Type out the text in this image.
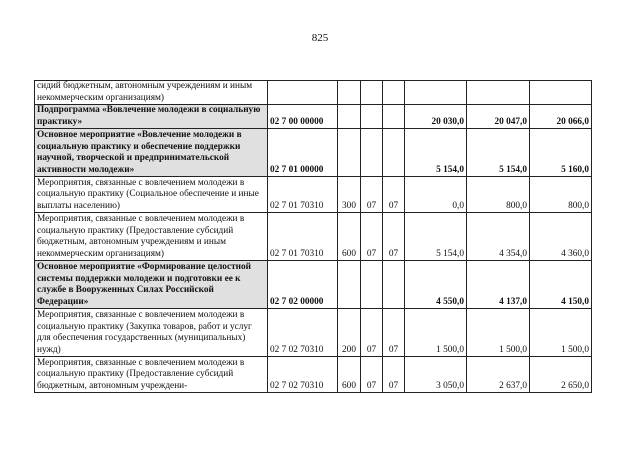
825
сидий бюджетным, автономным учреждениям и иным некоммерческим организациям)							
Подпрограмма «Вовлечение молодежи в социальную практику»	02 7 00 00000				20 030,0	20 047,0	20 066,0
Основное мероприятие «Вовлечение молодежи в социальную практику и обеспечение поддержки научной, творческой и предпринимательской активности молодежи»	02 7 01 00000				5 154,0	5 154,0	5 160,0
Мероприятия, связанные с вовлечением молодежи в социальную практику (Социальное обеспечение и иные выплаты населению)	02 7 01 70310	300	07	07	0,0	800,0	800,0
Мероприятия, связанные с вовлечением молодежи в социальную практику (Предоставление субсидий бюджетным, автономным учреждениям и иным некоммерческим организациям)	02 7 01 70310	600	07	07	5 154,0	4 354,0	4 360,0
Основное мероприятие «Формирование целостной системы поддержки молодежи и подготовки ее к службе в Вооруженных Силах Российской Федерации»	02 7 02 00000				4 550,0	4 137,0	4 150,0
Мероприятия, связанные с вовлечением молодежи в социальную практику (Закупка товаров, работ и услуг для обеспечения государственных (муниципальных) нужд)	02 7 02 70310	200	07	07	1 500,0	1 500,0	1 500,0
Мероприятия, связанные с вовлечением молодежи в социальную практику (Предоставление субсидий бюджетным, автономным учреждени-	02 7 02 70310	600	07	07	3 050,0	2 637,0	2 650,0
